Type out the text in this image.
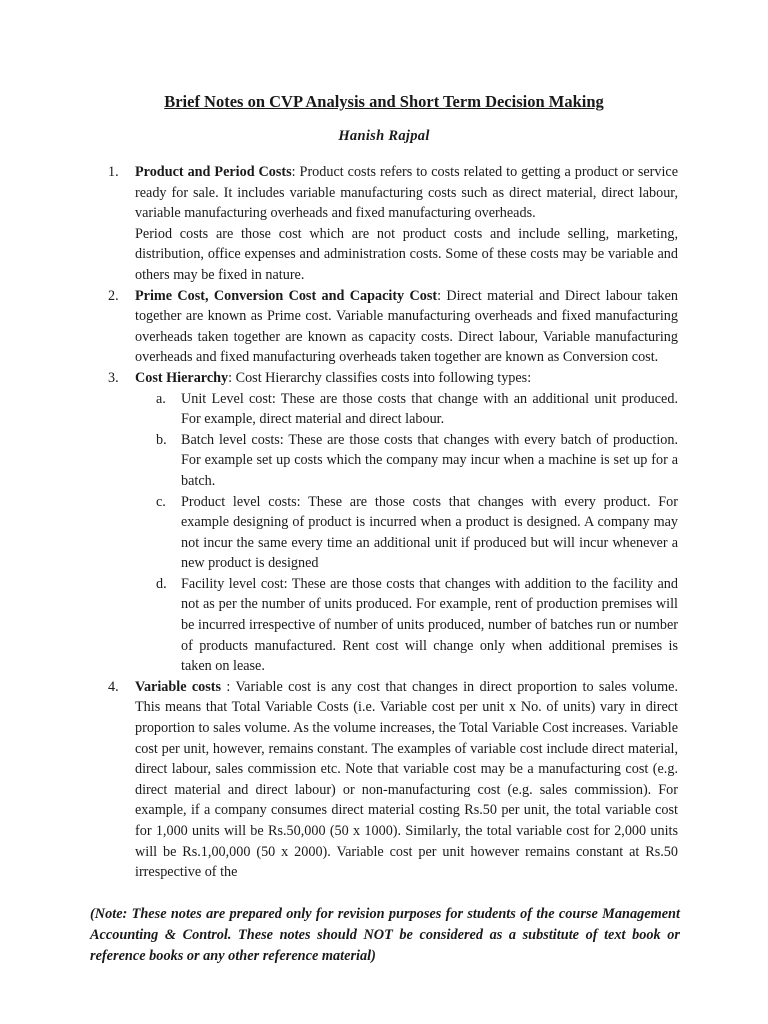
Brief Notes on CVP Analysis and Short Term Decision Making

Hanish Rajpal

1. Product and Period Costs: Product costs refers to costs related to getting a product or service ready for sale. It includes variable manufacturing costs such as direct material, direct labour, variable manufacturing overheads and fixed manufacturing overheads.
Period costs are those cost which are not product costs and include selling, marketing, distribution, office expenses and administration costs. Some of these costs may be variable and others may be fixed in nature.
2. Prime Cost, Conversion Cost and Capacity Cost: Direct material and Direct labour taken together are known as Prime cost. Variable manufacturing overheads and fixed manufacturing overheads taken together are known as capacity costs. Direct labour, Variable manufacturing overheads and fixed manufacturing overheads taken together are known as Conversion cost.
3. Cost Hierarchy: Cost Hierarchy classifies costs into following types:
a. Unit Level cost: These are those costs that change with an additional unit produced. For example, direct material and direct labour.
b. Batch level costs: These are those costs that changes with every batch of production. For example set up costs which the company may incur when a machine is set up for a batch.
c. Product level costs: These are those costs that changes with every product. For example designing of product is incurred when a product is designed. A company may not incur the same every time an additional unit if produced but will incur whenever a new product is designed
d. Facility level cost: These are those costs that changes with addition to the facility and not as per the number of units produced. For example, rent of production premises will be incurred irrespective of number of units produced, number of batches run or number of products manufactured. Rent cost will change only when additional premises is taken on lease.
4. Variable costs : Variable cost is any cost that changes in direct proportion to sales volume. This means that Total Variable Costs (i.e. Variable cost per unit x No. of units) vary in direct proportion to sales volume. As the volume increases, the Total Variable Cost increases. Variable cost per unit, however, remains constant. The examples of variable cost include direct material, direct labour, sales commission etc. Note that variable cost may be a manufacturing cost (e.g. direct material and direct labour) or non-manufacturing cost (e.g. sales commission). For example, if a company consumes direct material costing Rs.50 per unit, the total variable cost for 1,000 units will be Rs.50,000 (50 x 1000). Similarly, the total variable cost for 2,000 units will be Rs.1,00,000 (50 x 2000). Variable cost per unit however remains constant at Rs.50 irrespective of the
(Note: These notes are prepared only for revision purposes for students of the course Management Accounting & Control. These notes should NOT be considered as a substitute of text book or reference books or any other reference material)
